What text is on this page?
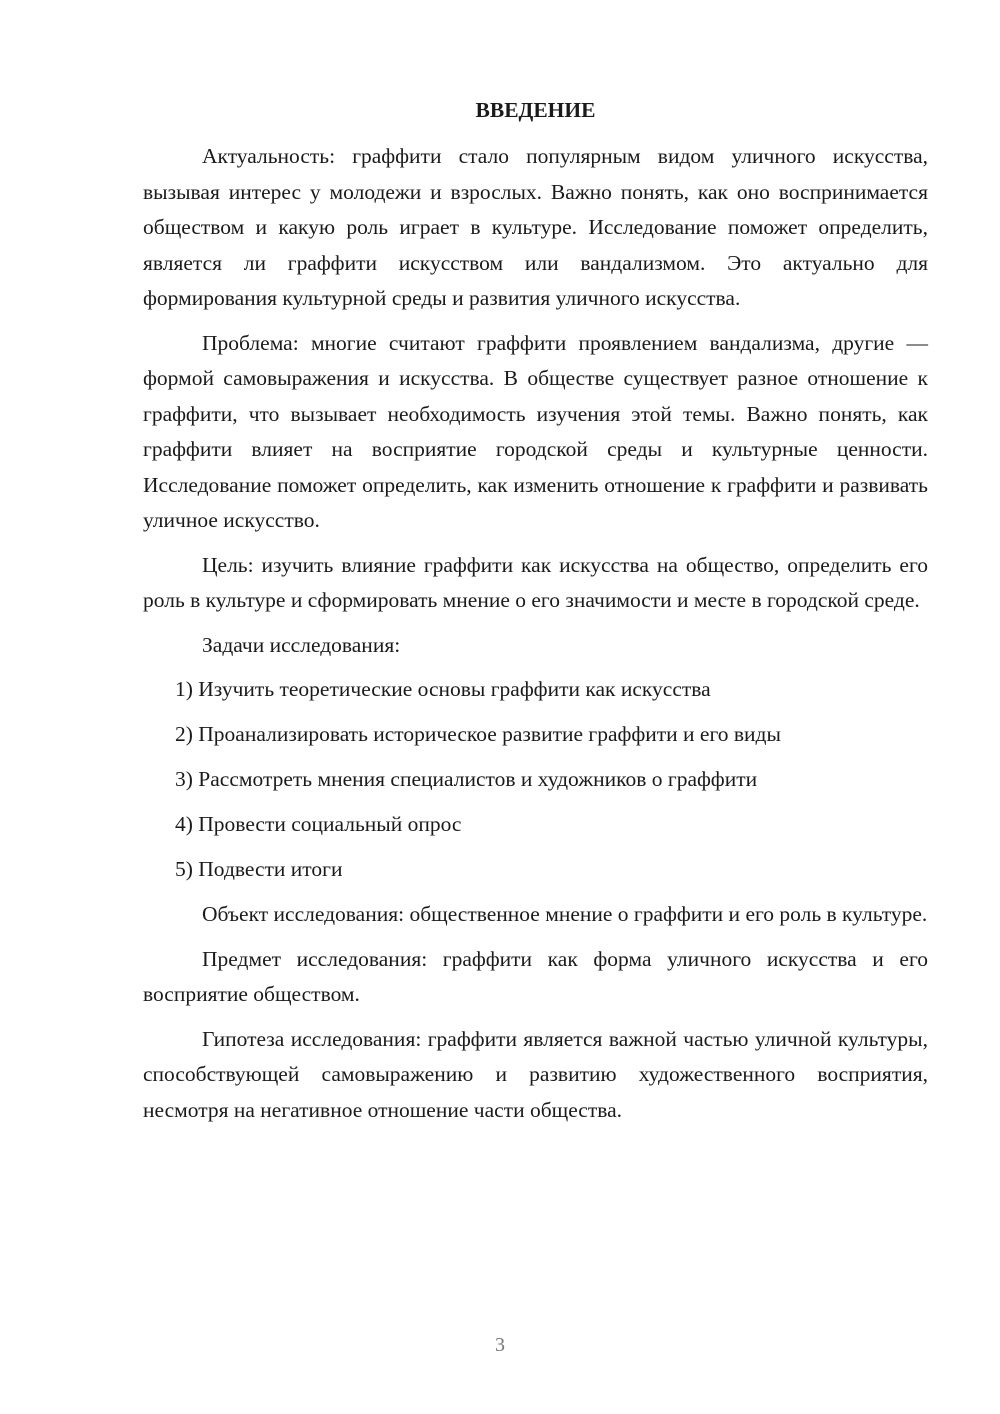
ВВЕДЕНИЕ

Актуальность: граффити стало популярным видом уличного искусства, вызывая интерес у молодежи и взрослых. Важно понять, как оно воспринимается обществом и какую роль играет в культуре. Исследование поможет определить, является ли граффити искусством или вандализмом. Это актуально для формирования культурной среды и развития уличного искусства.

Проблема: многие считают граффити проявлением вандализма, другие — формой самовыражения и искусства. В обществе существует разное отношение к граффити, что вызывает необходимость изучения этой темы. Важно понять, как граффити влияет на восприятие городской среды и культурные ценности. Исследование поможет определить, как изменить отношение к граффити и развивать уличное искусство.

Цель: изучить влияние граффити как искусства на общество, определить его роль в культуре и сформировать мнение о его значимости и месте в городской среде.

Задачи исследования:

1) Изучить теоретические основы граффити как искусства
2) Проанализировать историческое развитие граффити и его виды
3) Рассмотреть мнения специалистов и художников о граффити
4) Провести социальный опрос
5) Подвести итоги

Объект исследования: общественное мнение о граффити и его роль в культуре.

Предмет исследования: граффити как форма уличного искусства и его восприятие обществом.

Гипотеза исследования: граффити является важной частью уличной культуры, способствующей самовыражению и развитию художественного восприятия, несмотря на негативное отношение части общества.

3
